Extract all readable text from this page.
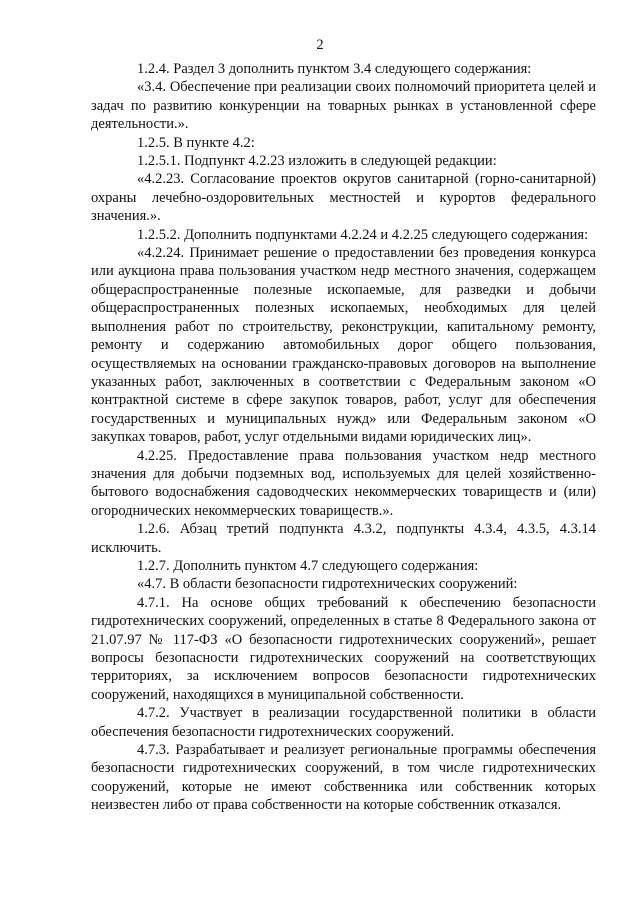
2

1.2.4. Раздел 3 дополнить пунктом 3.4 следующего содержания:

«3.4. Обеспечение при реализации своих полномочий приоритета целей и задач по развитию конкуренции на товарных рынках в установленной сфере деятельности.».

1.2.5. В пункте 4.2:

1.2.5.1. Подпункт 4.2.23 изложить в следующей редакции:

«4.2.23. Согласование проектов округов санитарной (горно-санитарной) охраны лечебно-оздоровительных местностей и курортов федерального значения.».

1.2.5.2. Дополнить подпунктами 4.2.24 и 4.2.25 следующего содержания:

«4.2.24. Принимает решение о предоставлении без проведения конкурса или аукциона права пользования участком недр местного значения, содержащем общераспространенные полезные ископаемые, для разведки и добычи общераспространенных полезных ископаемых, необходимых для целей выполнения работ по строительству, реконструкции, капитальному ремонту, ремонту и содержанию автомобильных дорог общего пользования, осуществляемых на основании гражданско-правовых договоров на выполнение указанных работ, заключенных в соответствии с Федеральным законом «О контрактной системе в сфере закупок товаров, работ, услуг для обеспечения государственных и муниципальных нужд» или Федеральным законом «О закупках товаров, работ, услуг отдельными видами юридических лиц».

4.2.25. Предоставление права пользования участком недр местного значения для добычи подземных вод, используемых для целей хозяйственно-бытового водоснабжения садоводческих некоммерческих товариществ и (или) огороднических некоммерческих товариществ.».

1.2.6. Абзац третий подпункта 4.3.2, подпункты 4.3.4, 4.3.5, 4.3.14 исключить.

1.2.7. Дополнить пунктом 4.7 следующего содержания:

«4.7. В области безопасности гидротехнических сооружений:

4.7.1. На основе общих требований к обеспечению безопасности гидротехнических сооружений, определенных в статье 8 Федерального закона от 21.07.97 № 117-ФЗ «О безопасности гидротехнических сооружений», решает вопросы безопасности гидротехнических сооружений на соответствующих территориях, за исключением вопросов безопасности гидротехнических сооружений, находящихся в муниципальной собственности.

4.7.2. Участвует в реализации государственной политики в области обеспечения безопасности гидротехнических сооружений.

4.7.3. Разрабатывает и реализует региональные программы обеспечения безопасности гидротехнических сооружений, в том числе гидротехнических сооружений, которые не имеют собственника или собственник которых неизвестен либо от права собственности на которые собственник отказался.
